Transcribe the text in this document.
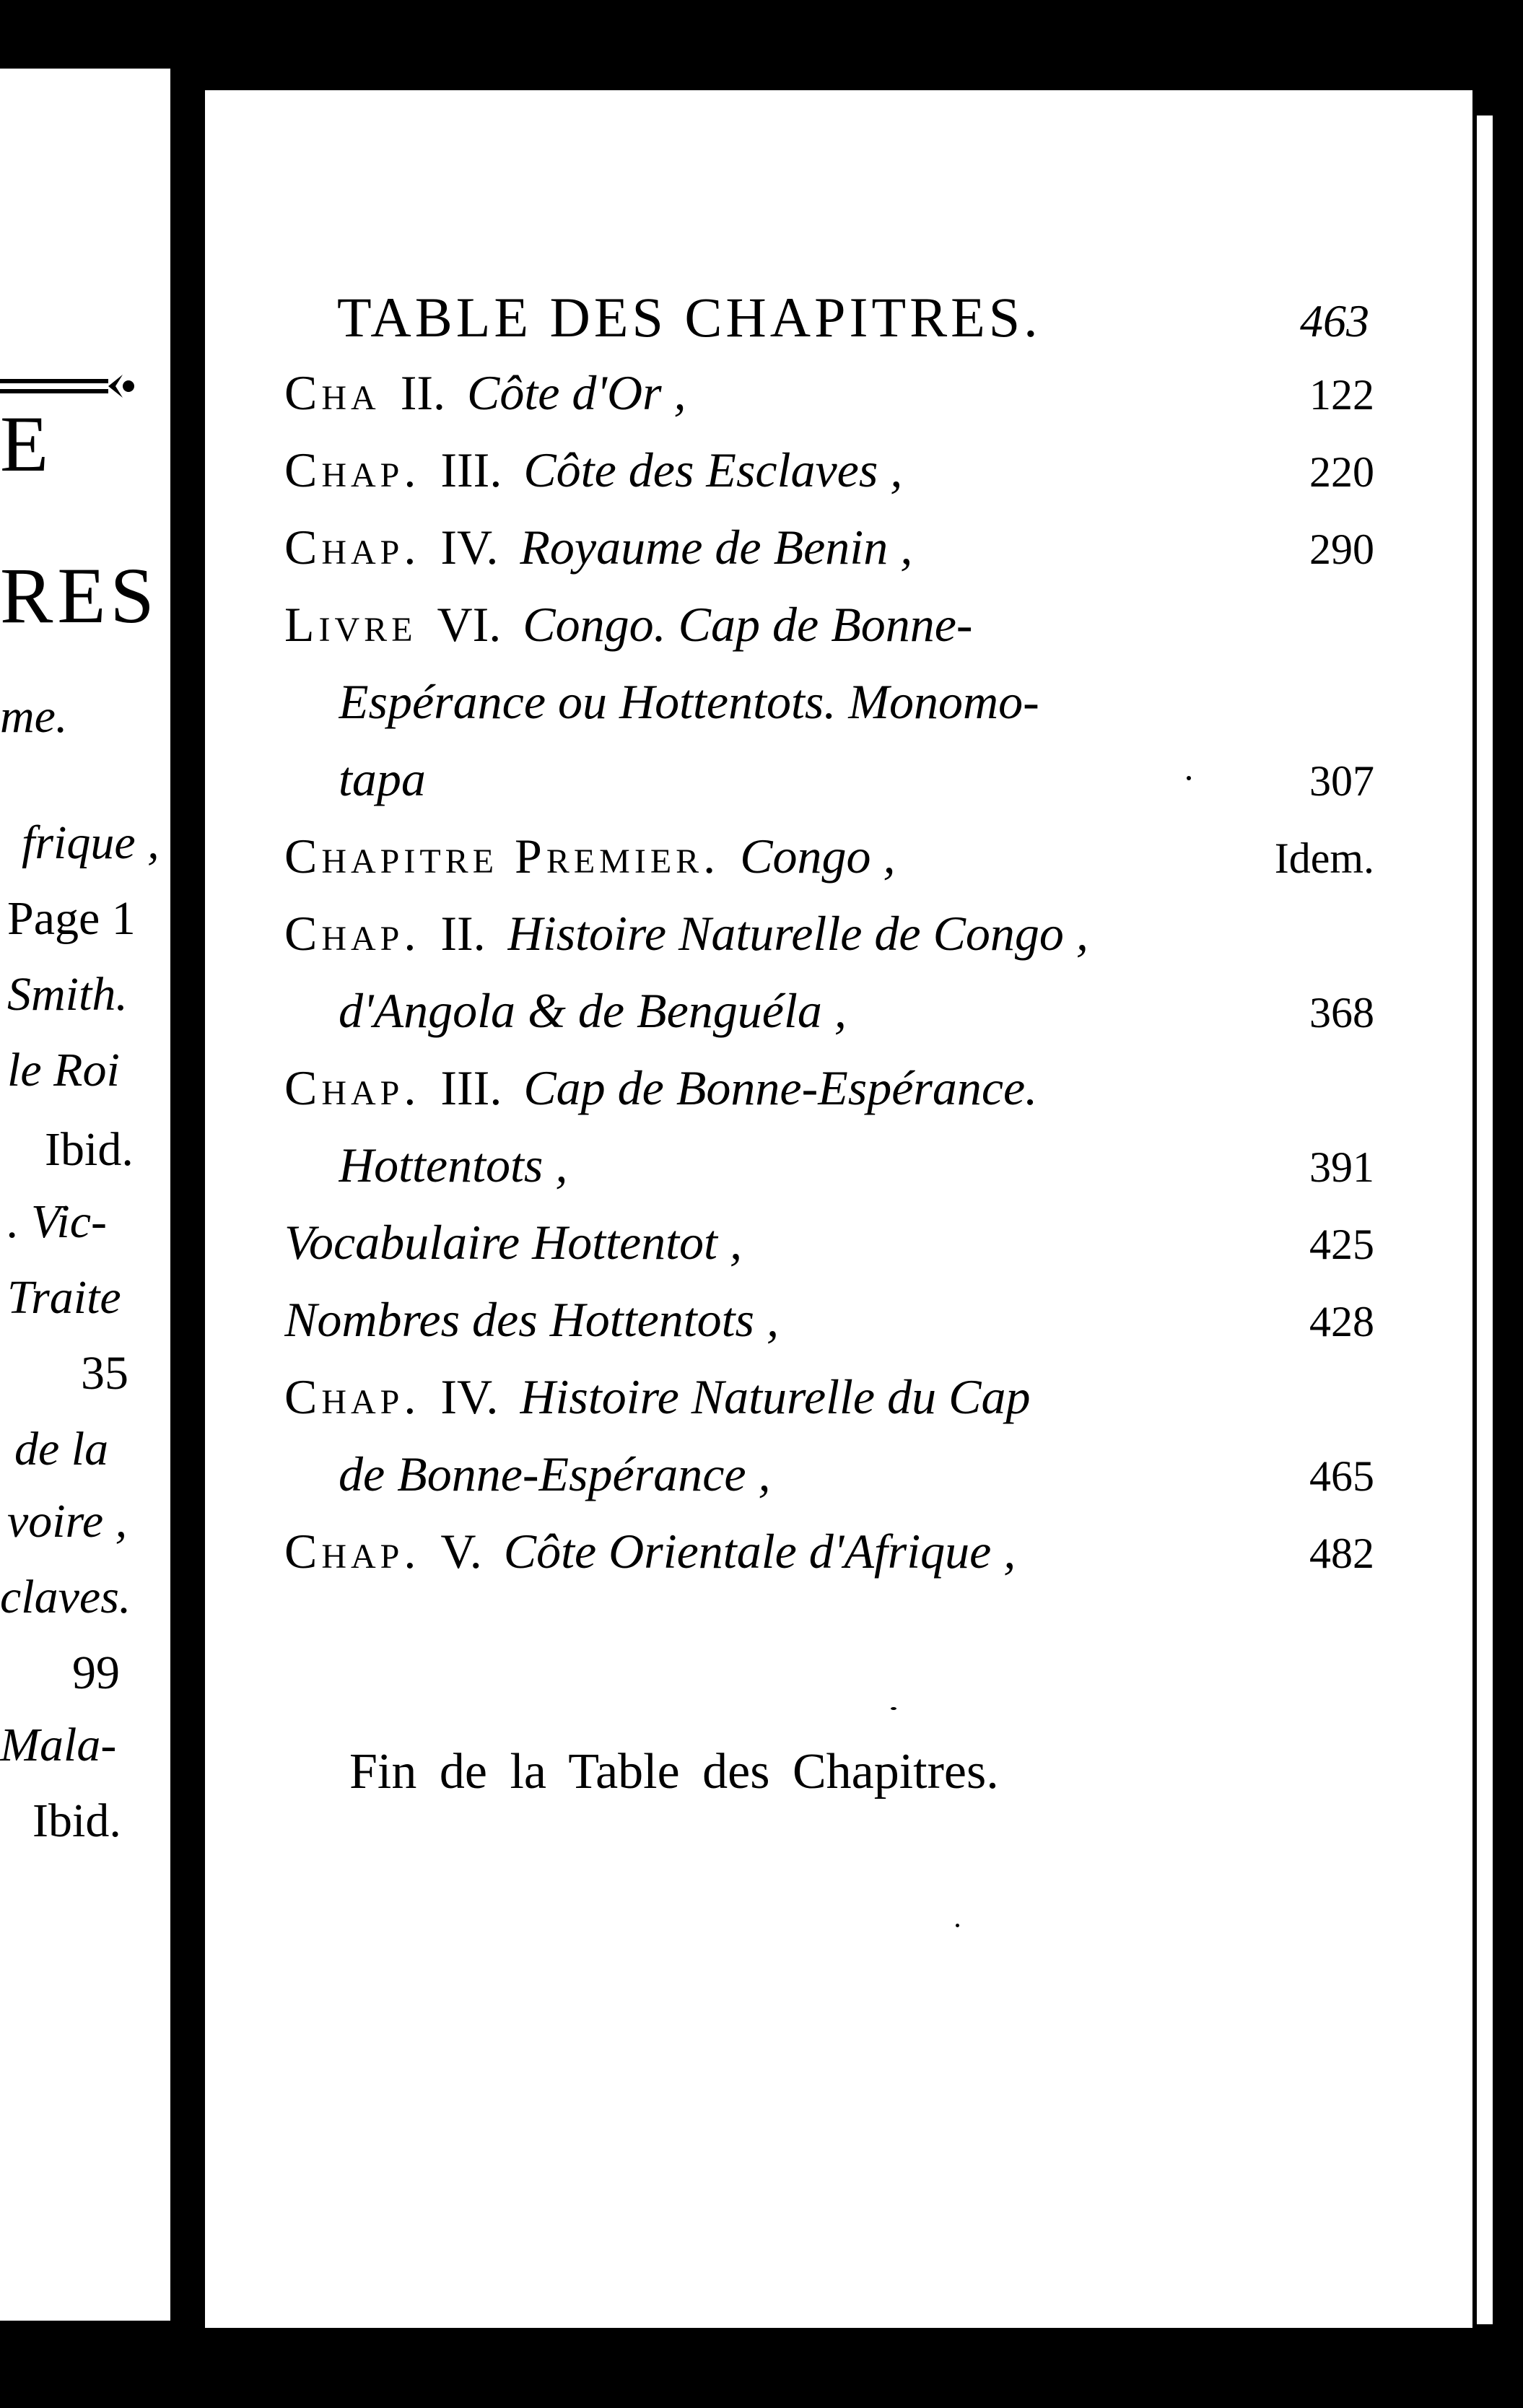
E
RES
me.
frique ,
Page 1
Smith.
le Roi
Ibid.
. Vic-
Traite
35
de la
voire ,
claves.
99
Mala-
Ibid.
TABLE DES CHAPITRES.	463
Cha II. Côte d'Or ,	122
Chap. III. Côte des Esclaves ,	220
Chap. IV. Royaume de Benin ,	290
Livre VI. Congo. Cap de Bonne-
Espérance ou Hottentots. Monomo-
tapa	307
Chapitre Premier. Congo ,	Idem.
Chap. II. Histoire Naturelle de Congo ,
d'Angola & de Benguéla ,	368
Chap. III. Cap de Bonne-Espérance.
Hottentots ,	391
Vocabulaire Hottentot ,	425
Nombres des Hottentots ,	428
Chap. IV. Histoire Naturelle du Cap
de Bonne-Espérance ,	465
Chap. V. Côte Orientale d'Afrique ,	482
Fin de la Table des Chapitres.
